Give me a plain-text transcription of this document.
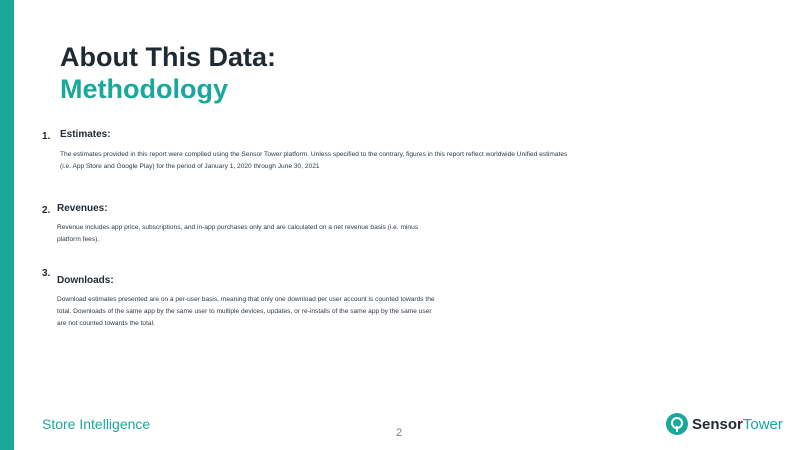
About This Data:
Methodology
1. Estimates:

The estimates provided in this report were compiled using the Sensor Tower platform. Unless specified to the contrary, figures in this report reflect worldwide Unified estimates (i.e. App Store and Google Play) for the period of January 1, 2020 through June 30, 2021

2. Revenues:

Revenue includes app price, subscriptions, and in-app purchases only and are calculated on a net revenue basis (i.e. minus platform fees).

3.
Downloads:

Download estimates presented are on a per-user basis, meaning that only one download per user account is counted towards the total. Downloads of the same app by the same user to multiple devices, updates, or re-installs of the same app by the same user are not counted towards the total.

Store Intelligence
2
SensorTower
